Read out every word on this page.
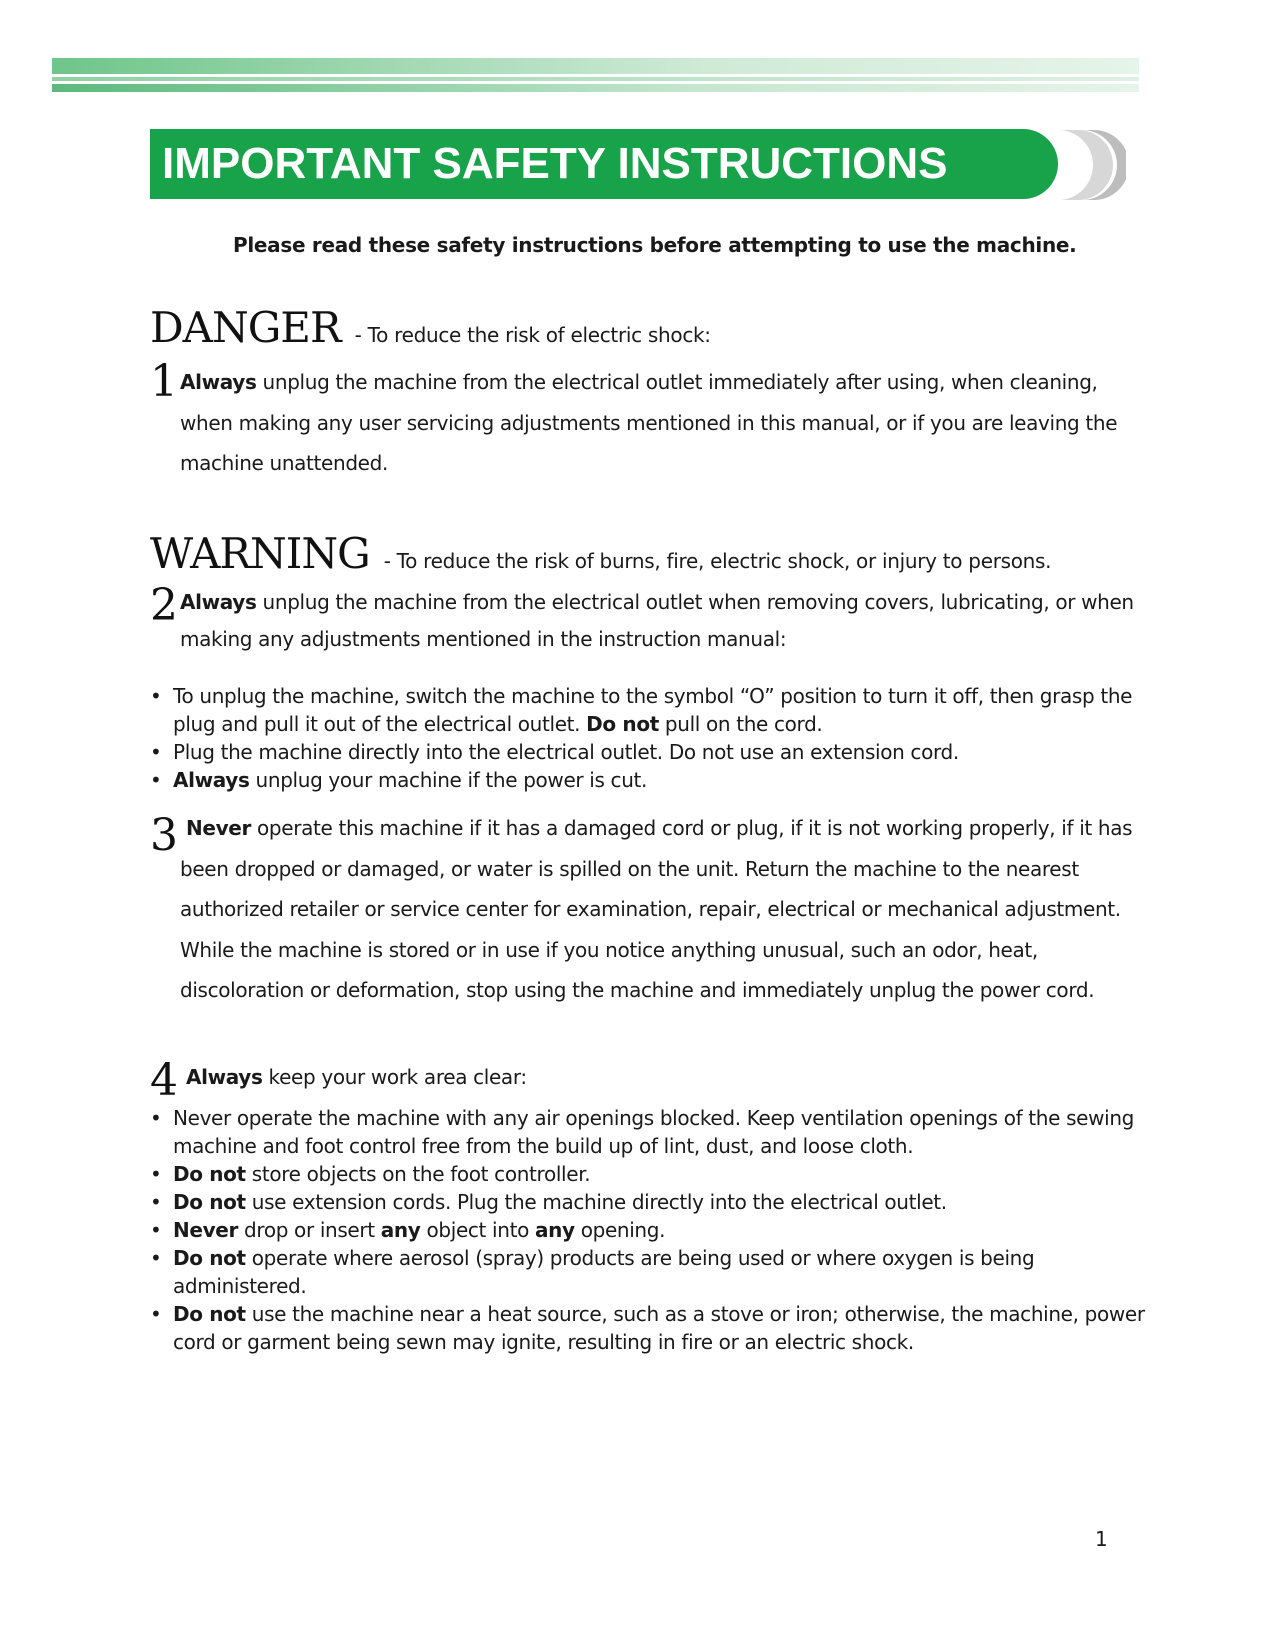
IMPORTANT SAFETY INSTRUCTIONS
Please read these safety instructions before attempting to use the machine.
DANGER - To reduce the risk of electric shock:
1 Always unplug the machine from the electrical outlet immediately after using, when cleaning, when making any user servicing adjustments mentioned in this manual, or if you are leaving the machine unattended.
WARNING - To reduce the risk of burns, fire, electric shock, or injury to persons.
2 Always unplug the machine from the electrical outlet when removing covers, lubricating, or when making any adjustments mentioned in the instruction manual:
• To unplug the machine, switch the machine to the symbol “O” position to turn it off, then grasp the plug and pull it out of the electrical outlet. Do not pull on the cord.
• Plug the machine directly into the electrical outlet. Do not use an extension cord.
• Always unplug your machine if the power is cut.
3 Never operate this machine if it has a damaged cord or plug, if it is not working properly, if it has been dropped or damaged, or water is spilled on the unit. Return the machine to the nearest authorized retailer or service center for examination, repair, electrical or mechanical adjustment. While the machine is stored or in use if you notice anything unusual, such an odor, heat, discoloration or deformation, stop using the machine and immediately unplug the power cord.
4 Always keep your work area clear:
• Never operate the machine with any air openings blocked. Keep ventilation openings of the sewing machine and foot control free from the build up of lint, dust, and loose cloth.
• Do not store objects on the foot controller.
• Do not use extension cords. Plug the machine directly into the electrical outlet.
• Never drop or insert any object into any opening.
• Do not operate where aerosol (spray) products are being used or where oxygen is being administered.
• Do not use the machine near a heat source, such as a stove or iron; otherwise, the machine, power cord or garment being sewn may ignite, resulting in fire or an electric shock.
1
